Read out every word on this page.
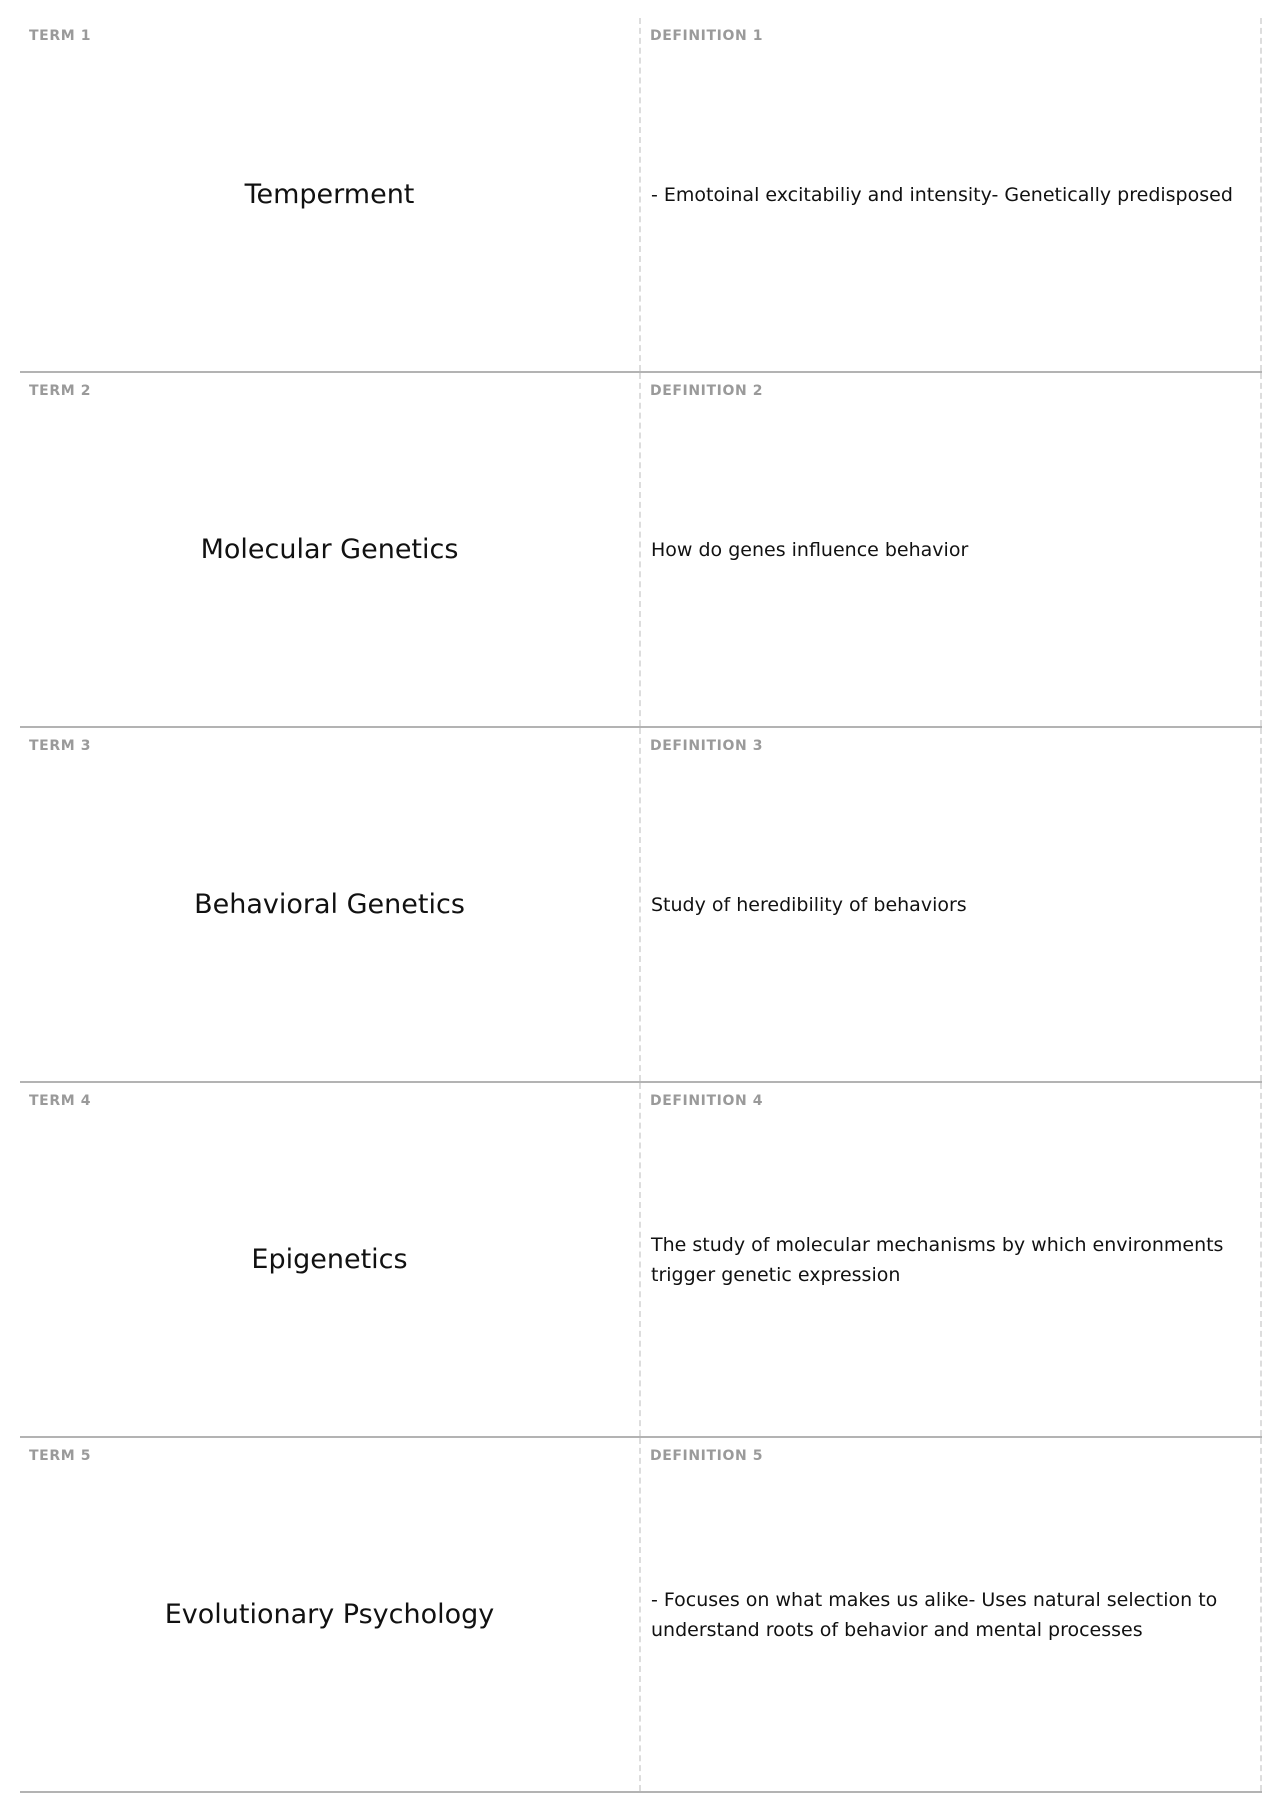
TERM 1
Temperment
DEFINITION 1
- Emotoinal excitabiliy and intensity- Genetically predisposed
TERM 2
Molecular Genetics
DEFINITION 2
How do genes influence behavior
TERM 3
Behavioral Genetics
DEFINITION 3
Study of heredibility of behaviors
TERM 4
Epigenetics
DEFINITION 4
The study of molecular mechanisms by which environments trigger genetic expression
TERM 5
Evolutionary Psychology
DEFINITION 5
- Focuses on what makes us alike- Uses natural selection to understand roots of behavior and mental processes
